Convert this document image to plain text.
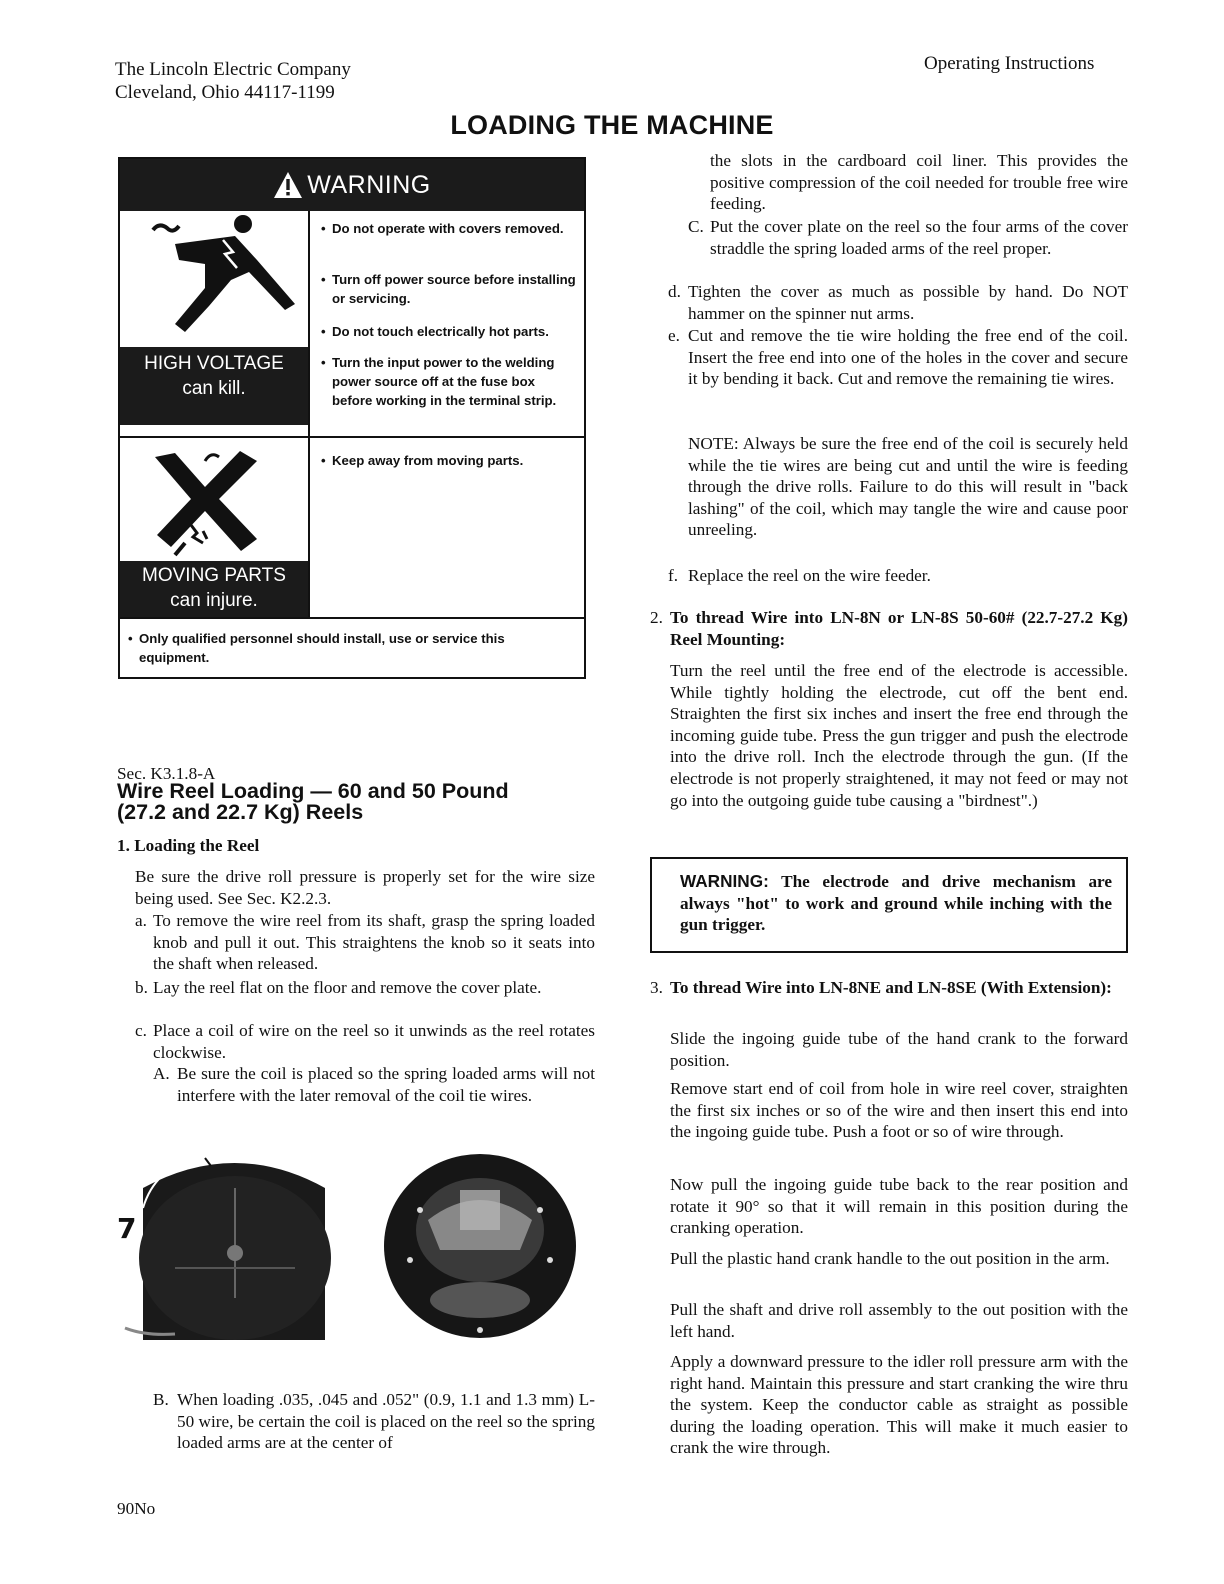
The Lincoln Electric Company
Cleveland, Ohio 44117-1199
Operating Instructions
LOADING THE MACHINE
WARNING
HIGH VOLTAGE
can kill.
• Do not operate with covers removed.
• Turn off power source before installing or servicing.
• Do not touch electrically hot parts.
• Turn the input power to the welding power source off at the fuse box before working in the terminal strip.
MOVING PARTS
can injure.
• Keep away from moving parts.
• Only qualified personnel should install, use or service this equipment.
Sec. K3.1.8-A
Wire Reel Loading — 60 and 50 Pound
(27.2 and 22.7 Kg) Reels
1. Loading the Reel
Be sure the drive roll pressure is properly set for the wire size being used. See Sec. K2.2.3.
a. To remove the wire reel from its shaft, grasp the spring loaded knob and pull it out. This straightens the knob so it seats into the shaft when released.
b. Lay the reel flat on the floor and remove the cover plate.
c. Place a coil of wire on the reel so it unwinds as the reel rotates clockwise.
A. Be sure the coil is placed so the spring loaded arms will not interfere with the later removal of the coil tie wires.
7
B. When loading .035, .045 and .052" (0.9, 1.1 and 1.3 mm) L-50 wire, be certain the coil is placed on the reel so the spring loaded arms are at the center of
90No
the slots in the cardboard coil liner. This provides the positive compression of the coil needed for trouble free wire feeding.
C. Put the cover plate on the reel so the four arms of the cover straddle the spring loaded arms of the reel proper.
d. Tighten the cover as much as possible by hand. Do NOT hammer on the spinner nut arms.
e. Cut and remove the tie wire holding the free end of the coil. Insert the free end into one of the holes in the cover and secure it by bending it back. Cut and remove the remaining tie wires.
NOTE: Always be sure the free end of the coil is securely held while the tie wires are being cut and until the wire is feeding through the drive rolls. Failure to do this will result in "back lashing" of the coil, which may tangle the wire and cause poor unreeling.
f. Replace the reel on the wire feeder.
2. To thread Wire into LN-8N or LN-8S 50-60# (22.7-27.2 Kg) Reel Mounting:
Turn the reel until the free end of the electrode is accessible. While tightly holding the electrode, cut off the bent end. Straighten the first six inches and insert the free end through the incoming guide tube. Press the gun trigger and push the electrode into the drive roll. Inch the electrode through the gun. (If the electrode is not properly straightened, it may not feed or may not go into the outgoing guide tube causing a "birdnest".)
WARNING: The electrode and drive mechanism are always "hot" to work and ground while inching with the gun trigger.
3. To thread Wire into LN-8NE and LN-8SE (With Extension):
Slide the ingoing guide tube of the hand crank to the forward position.
Remove start end of coil from hole in wire reel cover, straighten the first six inches or so of the wire and then insert this end into the ingoing guide tube. Push a foot or so of wire through.
Now pull the ingoing guide tube back to the rear position and rotate it 90° so that it will remain in this position during the cranking operation.
Pull the plastic hand crank handle to the out position in the arm.
Pull the shaft and drive roll assembly to the out position with the left hand.
Apply a downward pressure to the idler roll pressure arm with the right hand. Maintain this pressure and start cranking the wire thru the system. Keep the conductor cable as straight as possible during the loading operation. This will make it much easier to crank the wire through.
